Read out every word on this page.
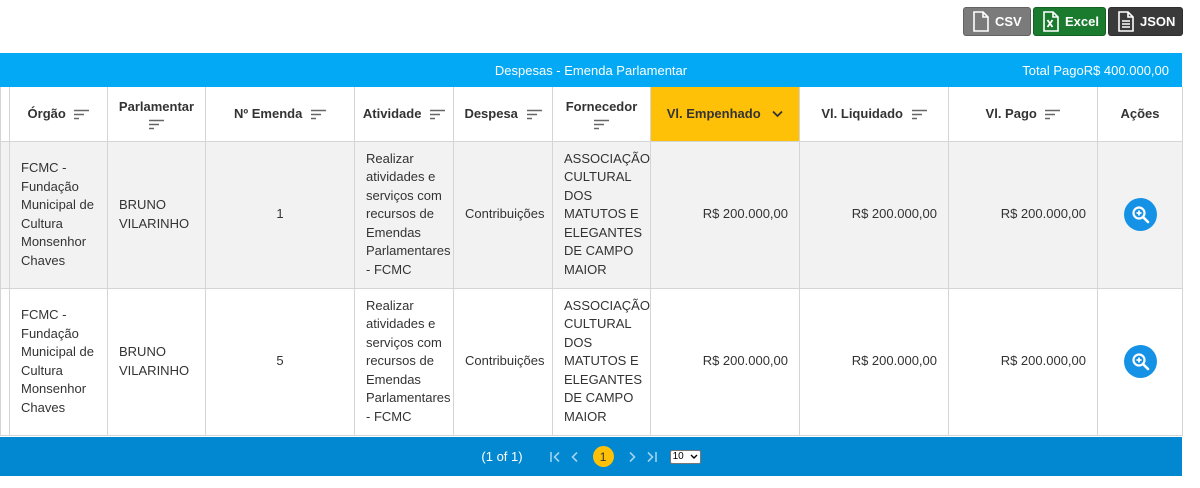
CSV	Excel	JSON
Despesas - Emenda Parlamentar	Total PagoR$ 400.000,00
	Órgão	Parlamentar	Nº Emenda	Atividade	Despesa	Fornecedor	Vl. Empenhado	Vl. Liquidado	Vl. Pago	Ações
	FCMC - Fundação Municipal de Cultura Monsenhor Chaves	BRUNO VILARINHO	1	Realizar atividades e serviços com recursos de Emendas Parlamentares - FCMC	Contribuições	ASSOCIAÇÃO CULTURAL DOS MATUTOS E ELEGANTES DE CAMPO MAIOR	R$ 200.000,00	R$ 200.000,00	R$ 200.000,00	

	FCMC - Fundação Municipal de Cultura Monsenhor Chaves	BRUNO VILARINHO	5	Realizar atividades e serviços com recursos de Emendas Parlamentares - FCMC	Contribuições	ASSOCIAÇÃO CULTURAL DOS MATUTOS E ELEGANTES DE CAMPO MAIOR	R$ 200.000,00	R$ 200.000,00	R$ 200.000,00	
(1 of 1)	1	10
